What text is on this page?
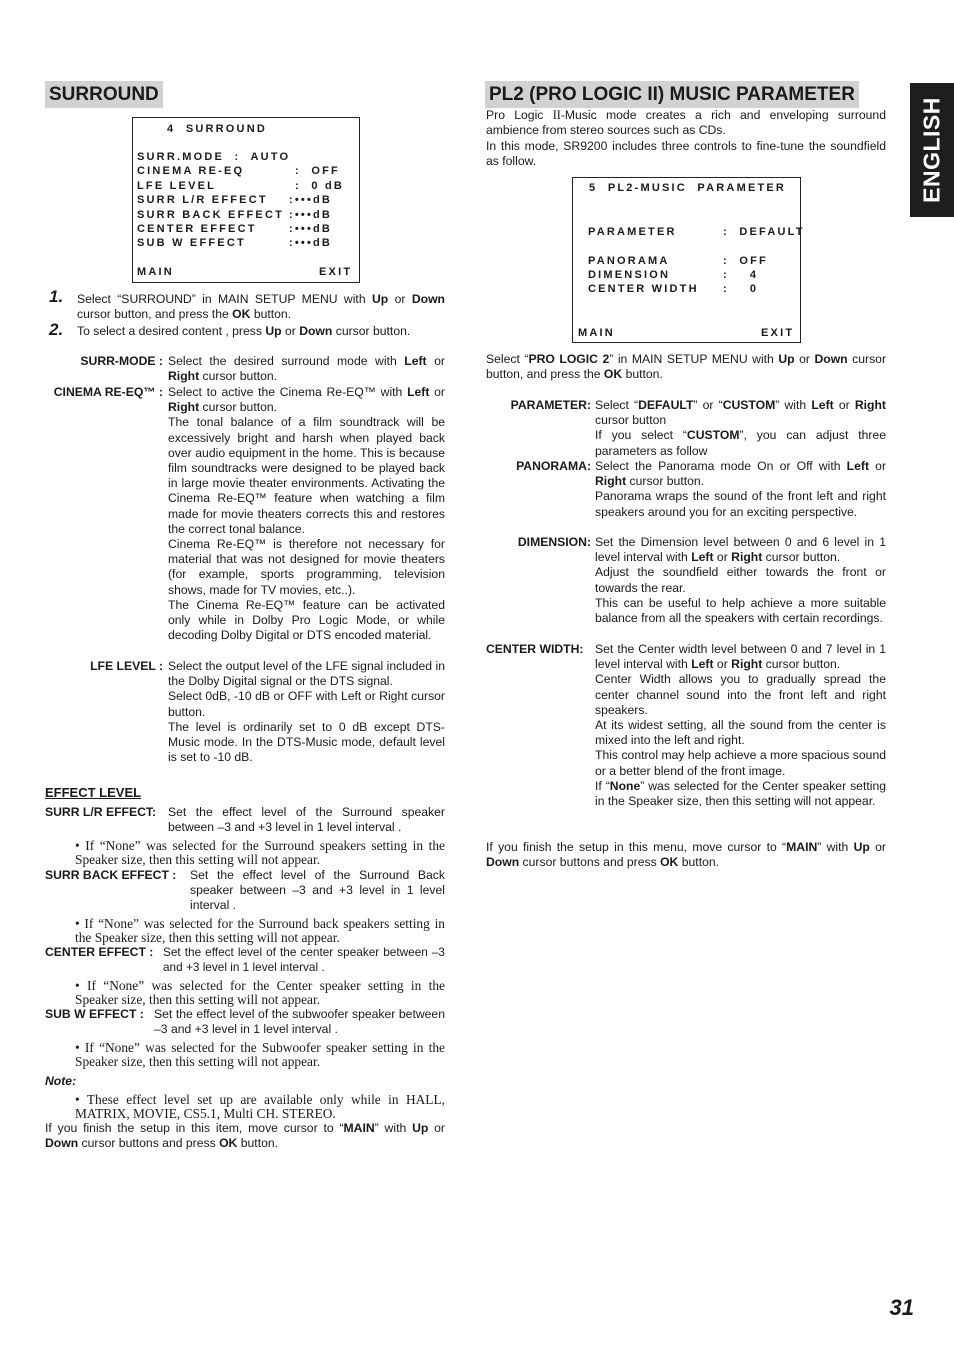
ENGLISH
SURROUND
4  SURROUND
SURR.MODE  :  AUTO
CINEMA RE-EQ	:  OFF
LFE LEVEL	:  0 dB
SURR L/R EFFECT :•••dB
SURR BACK EFFECT :•••dB
CENTER EFFECT	:•••dB
SUB W EFFECT	:•••dB
MAIN	EXIT
1. Select “SURROUND” in MAIN SETUP MENU with Up or Down cursor button, and press the OK button.
2. To select a desired content , press Up or Down cursor button.
SURR-MODE : Select the desired surround mode with Left or Right cursor button.
CINEMA RE-EQ™ : Select to active the Cinema Re-EQ™ with Left or Right cursor button.

The tonal balance of a film soundtrack will be excessively bright and harsh when played back over audio equipment in the home. This is because film soundtracks were designed to be played back in large movie theater environments. Activating the Cinema Re-EQ™ feature when watching a film made for movie theaters corrects this and restores the correct tonal balance.

Cinema Re-EQ™ is therefore not necessary for material that was not designed for movie theaters (for example, sports programming, television shows, made for TV movies, etc..).

The Cinema Re-EQ™ feature can be activated only while in Dolby Pro Logic Mode, or while decoding Dolby Digital or DTS encoded material.

LFE LEVEL : Select the output level of the LFE signal included in the Dolby Digital signal or the DTS signal.

Select 0dB, -10 dB or OFF with Left or Right cursor button.

The level is ordinarily set to 0 dB except DTS-Music mode. In the DTS-Music mode, default level is set to -10 dB.

EFFECT LEVEL
SURR L/R EFFECT: Set the effect level of the Surround speaker between –3 and +3 level in 1 level interval .
• If “None” was selected for the Surround speakers setting in the Speaker size, then this setting will not appear.
SURR BACK EFFECT : Set the effect level of the Surround Back speaker between –3 and +3 level in 1 level interval .
• If “None” was selected for the Surround back speakers setting in the Speaker size, then this setting will not appear.
CENTER EFFECT : Set the effect level of the center speaker between –3 and +3 level in 1 level interval .
• If “None” was selected for the Center speaker setting in the Speaker size, then this setting will not appear.
SUB W EFFECT : Set the effect level of the subwoofer speaker between –3 and +3 level in 1 level interval .
• If “None” was selected for the Subwoofer speaker setting in the Speaker size, then this setting will not appear.
Note:
• These effect level set up are available only while in HALL, MATRIX, MOVIE, CS5.1, Multi CH. STEREO.
If you finish the setup in this item, move cursor to “MAIN” with Up or Down cursor buttons and press OK button.
PL2 (PRO LOGIC II) MUSIC PARAMETER
Pro Logic II-Music mode creates a rich and enveloping surround ambience from stereo sources such as CDs.
In this mode, SR9200 includes three controls to fine-tune the soundfield as follow.
5  PL2-MUSIC  PARAMETER
PARAMETER	:  DEFAULT
PANORAMA	:  OFF
DIMENSION	:    4
CENTER WIDTH :    0
MAIN	EXIT
Select “PRO LOGIC 2” in MAIN SETUP MENU with Up or Down cursor button, and press the OK button.
PARAMETER: Select “DEFAULT” or “CUSTOM” with Left or Right cursor button

If you select “CUSTOM”, you can adjust three parameters as follow

PANORAMA: Select the Panorama mode On or Off with Left or Right cursor button.

Panorama wraps the sound of the front left and right speakers around you for an exciting perspective.

DIMENSION: Set the Dimension level between 0 and 6 level in 1 level interval with Left or Right cursor button.

Adjust the soundfield either towards the front or towards the rear.

This can be useful to help achieve a more suitable balance from all the speakers with certain recordings.

CENTER WIDTH: Set the Center width level between 0 and 7 level in 1 level interval with Left or Right cursor button.

Center Width allows you to gradually spread the center channel sound into the front left and right speakers.

At its widest setting, all the sound from the center is mixed into the left and right.

This control may help achieve a more spacious sound or a better blend of the front image.

If “None” was selected for the Center speaker setting in the Speaker size, then this setting will not appear.

If you finish the setup in this menu, move cursor to “MAIN” with Up or Down cursor buttons and press OK button.
31
